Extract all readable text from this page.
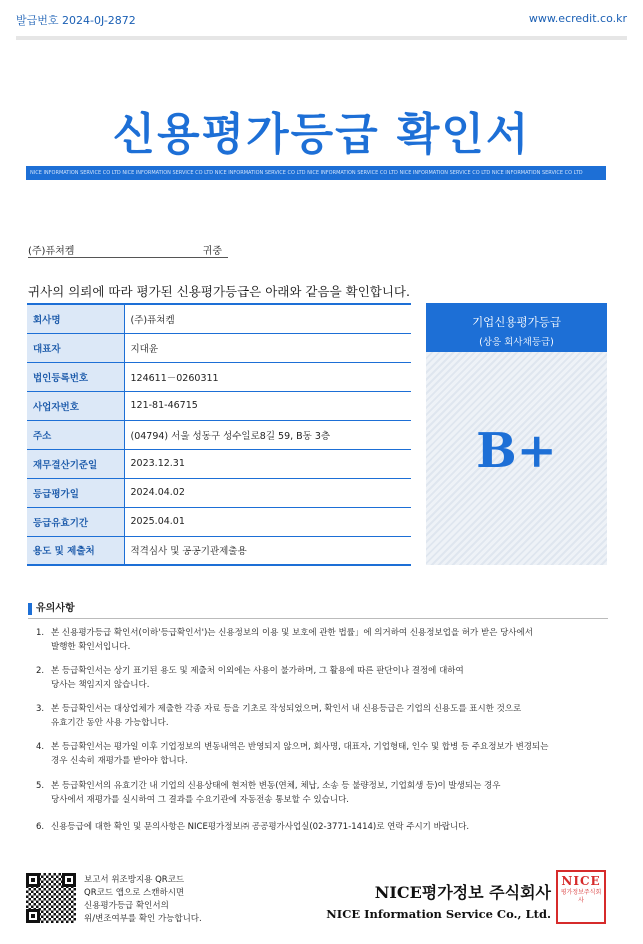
발급번호 2024-0J-2872	www.ecredit.co.kr
신용평가등급 확인서
NICE INFORMATION SERVICE CO LTD NICE INFORMATION SERVICE CO LTD NICE INFORMATION SERVICE CO LTD NICE INFORMATION SERVICE CO LTD NICE INFORMATION SERVICE CO LTD NICE INFORMATION SERVICE CO LTD
(주)퓨쳐켐	귀중
귀사의 의뢰에 따라 평가된 신용평가등급은 아래와 같음을 확인합니다.
회사명	(주)퓨쳐켐
대표자	지대윤
법인등록번호	124611－0260311
사업자번호	121-81-46715
주소	(04794) 서울 성동구 성수일로8길 59, B동 3층
재무결산기준일	2023.12.31
등급평가일	2024.04.02
등급유효기간	2025.04.01
용도 및 제출처	적격심사 및 공공기관제출용
기업신용평가등급
(상응 회사채등급)
B+
유의사항
1. 본 신용평가등급 확인서(이하'등급확인서')는 신용정보의 이용 및 보호에 관한 법률」에 의거하여 신용정보업을 허가 받은 당사에서
발행한 확인서입니다.
2. 본 등급확인서는 상기 표기된 용도 및 제출처 이외에는 사용이 불가하며, 그 활용에 따른 판단이나 결정에 대하여
당사는 책임지지 않습니다.
3. 본 등급확인서는 대상업체가 제출한 각종 자료 등을 기초로 작성되었으며, 확인서 내 신용등급은 기업의 신용도를 표시한 것으로
유효기간 동안 사용 가능합니다.
4. 본 등급확인서는 평가일 이후 기업정보의 변동내역은 반영되지 않으며, 회사명, 대표자, 기업형태, 인수 및 합병 등 주요정보가 변경되는
경우 신속히 재평가를 받아야 합니다.
5. 본 등급확인서의 유효기간 내 기업의 신용상태에 현저한 변동(연체, 체납, 소송 등 불량정보, 기업회생 등)이 발생되는 경우
당사에서 재평가를 실시하여 그 결과를 수요기관에 자동전송 통보할 수 있습니다.
6. 신용등급에 대한 확인 및 문의사항은 NICE평가정보㈜ 공공평가사업실(02-3771-1414)로 연락 주시기 바랍니다.
보고서 위조방지용 QR코드
QR코드 앱으로 스캔하시면
신용평가등급 확인서의
위/변조여부를 확인 가능합니다.
NICE평가정보 주식회사
NICE Information Service Co., Ltd.
NICE
평가정보주식회사
